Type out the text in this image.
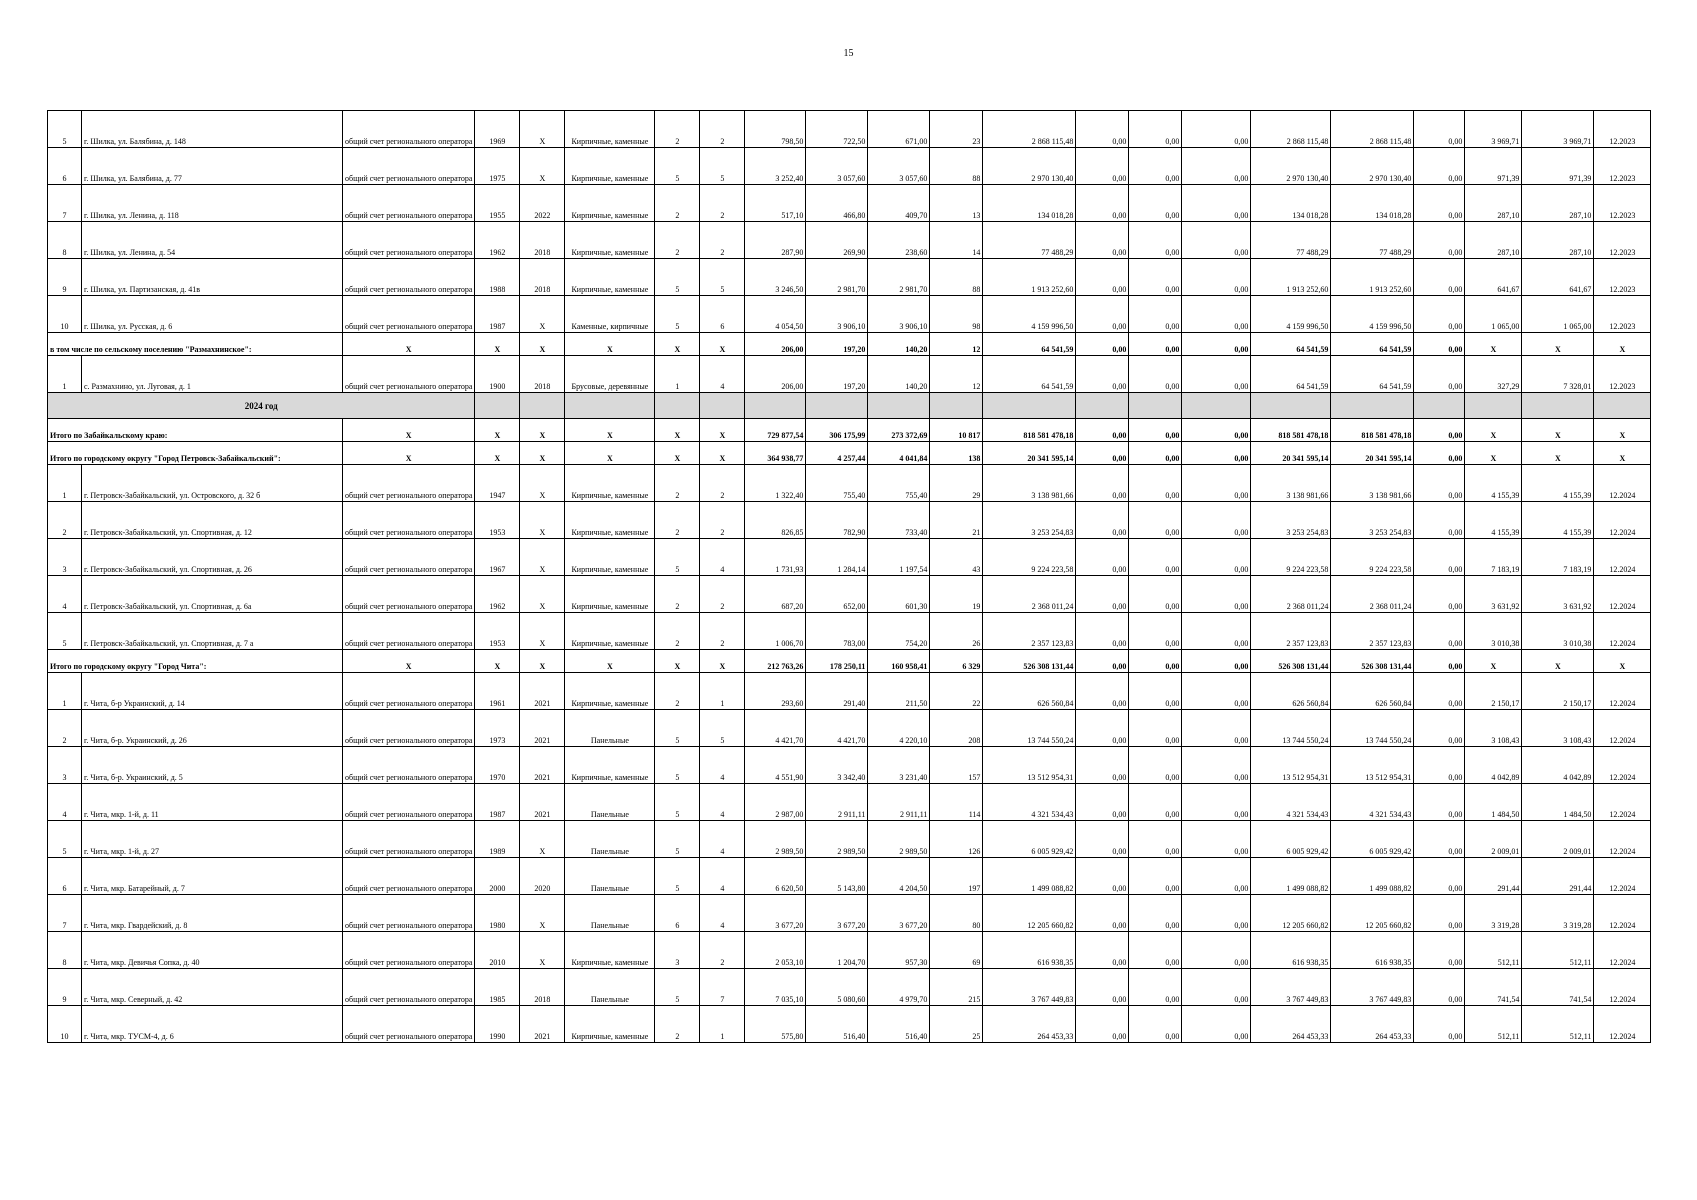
15
5	г. Шилка, ул. Балябина, д. 148	общий счет регионального оператора	1969	X	Кирпичные, каменные	2	2	798,50	722,50	671,00	23	2 868 115,48	0,00	0,00	0,00	2 868 115,48	2 868 115,48	0,00	3 969,71	3 969,71	12.2023
6	г. Шилка, ул. Балябина, д. 77	общий счет регионального оператора	1975	X	Кирпичные, каменные	5	5	3 252,40	3 057,60	3 057,60	88	2 970 130,40	0,00	0,00	0,00	2 970 130,40	2 970 130,40	0,00	971,39	971,39	12.2023
7	г. Шилка, ул. Ленина, д. 118	общий счет регионального оператора	1955	2022	Кирпичные, каменные	2	2	517,10	466,80	409,70	13	134 018,28	0,00	0,00	0,00	134 018,28	134 018,28	0,00	287,10	287,10	12.2023
8	г. Шилка, ул. Ленина, д. 54	общий счет регионального оператора	1962	2018	Кирпичные, каменные	2	2	287,90	269,90	238,60	14	77 488,29	0,00	0,00	0,00	77 488,29	77 488,29	0,00	287,10	287,10	12.2023
9	г. Шилка, ул. Партизанская, д. 41в	общий счет регионального оператора	1988	2018	Кирпичные, каменные	5	5	3 246,50	2 981,70	2 981,70	88	1 913 252,60	0,00	0,00	0,00	1 913 252,60	1 913 252,60	0,00	641,67	641,67	12.2023
10	г. Шилка, ул. Русская, д. 6	общий счет регионального оператора	1987	X	Каменные, кирпичные	5	6	4 054,50	3 906,10	3 906,10	98	4 159 996,50	0,00	0,00	0,00	4 159 996,50	4 159 996,50	0,00	1 065,00	1 065,00	12.2023
в том числе по сельскому поселению "Размахнинское":		X	X	X	X	X	X	206,00	197,20	140,20	12	64 541,59	0,00	0,00	0,00	64 541,59	64 541,59	0,00	X	X	X
1	с. Размахнино, ул. Луговая, д. 1	общий счет регионального оператора	1900	2018	Брусовые, деревянные	1	4	206,00	197,20	140,20	12	64 541,59	0,00	0,00	0,00	64 541,59	64 541,59	0,00	327,29	7 328,01	12.2023
2024 год																					
Итого по Забайкальскому краю:		X	X	X	X	X	X	729 877,54	306 175,99	273 372,69	10 817	818 581 478,18	0,00	0,00	0,00	818 581 478,18	818 581 478,18	0,00	X	X	X
Итого по городскому округу "Город Петровск-Забайкальский":		X	X	X	X	X	X	364 938,77	4 257,44	4 041,84	138	20 341 595,14	0,00	0,00	0,00	20 341 595,14	20 341 595,14	0,00	X	X	X
1	г. Петровск-Забайкальский, ул. Островского, д. 32 б	общий счет регионального оператора	1947	X	Кирпичные, каменные	2	2	1 322,40	755,40	755,40	29	3 138 981,66	0,00	0,00	0,00	3 138 981,66	3 138 981,66	0,00	4 155,39	4 155,39	12.2024
2	г. Петровск-Забайкальский, ул. Спортивная, д. 12	общий счет регионального оператора	1953	X	Кирпичные, каменные	2	2	826,85	782,90	733,40	21	3 253 254,83	0,00	0,00	0,00	3 253 254,83	3 253 254,83	0,00	4 155,39	4 155,39	12.2024
3	г. Петровск-Забайкальский, ул. Спортивная, д. 26	общий счет регионального оператора	1967	X	Кирпичные, каменные	5	4	1 731,93	1 284,14	1 197,54	43	9 224 223,58	0,00	0,00	0,00	9 224 223,58	9 224 223,58	0,00	7 183,19	7 183,19	12.2024
4	г. Петровск-Забайкальский, ул. Спортивная, д. 6а	общий счет регионального оператора	1962	X	Кирпичные, каменные	2	2	687,20	652,00	601,30	19	2 368 011,24	0,00	0,00	0,00	2 368 011,24	2 368 011,24	0,00	3 631,92	3 631,92	12.2024
5	г. Петровск-Забайкальский, ул. Спортивная, д. 7 а	общий счет регионального оператора	1953	X	Кирпичные, каменные	2	2	1 006,70	783,00	754,20	26	2 357 123,83	0,00	0,00	0,00	2 357 123,83	2 357 123,83	0,00	3 010,38	3 010,38	12.2024
Итого по городскому округу "Город Чита":		X	X	X	X	X	X	212 763,26	178 250,11	160 958,41	6 329	526 308 131,44	0,00	0,00	0,00	526 308 131,44	526 308 131,44	0,00	X	X	X
1	г. Чита, б-р Украинский, д. 14	общий счет регионального оператора	1961	2021	Кирпичные, каменные	2	1	293,60	291,40	211,50	22	626 560,84	0,00	0,00	0,00	626 560,84	626 560,84	0,00	2 150,17	2 150,17	12.2024
2	г. Чита, б-р. Украинский, д. 26	общий счет регионального оператора	1973	2021	Панельные	5	5	4 421,70	4 421,70	4 220,10	208	13 744 550,24	0,00	0,00	0,00	13 744 550,24	13 744 550,24	0,00	3 108,43	3 108,43	12.2024
3	г. Чита, б-р. Украинский, д. 5	общий счет регионального оператора	1970	2021	Кирпичные, каменные	5	4	4 551,90	3 342,40	3 231,40	157	13 512 954,31	0,00	0,00	0,00	13 512 954,31	13 512 954,31	0,00	4 042,89	4 042,89	12.2024
4	г. Чита, мкр. 1-й, д. 11	общий счет регионального оператора	1987	2021	Панельные	5	4	2 987,00	2 911,11	2 911,11	114	4 321 534,43	0,00	0,00	0,00	4 321 534,43	4 321 534,43	0,00	1 484,50	1 484,50	12.2024
5	г. Чита, мкр. 1-й, д. 27	общий счет регионального оператора	1989	X	Панельные	5	4	2 989,50	2 989,50	2 989,50	126	6 005 929,42	0,00	0,00	0,00	6 005 929,42	6 005 929,42	0,00	2 009,01	2 009,01	12.2024
6	г. Чита, мкр. Батарейный, д. 7	общий счет регионального оператора	2000	2020	Панельные	5	4	6 620,50	5 143,80	4 204,50	197	1 499 088,82	0,00	0,00	0,00	1 499 088,82	1 499 088,82	0,00	291,44	291,44	12.2024
7	г. Чита, мкр. Гвардейский, д. 8	общий счет регионального оператора	1980	X	Панельные	6	4	3 677,20	3 677,20	3 677,20	80	12 205 660,82	0,00	0,00	0,00	12 205 660,82	12 205 660,82	0,00	3 319,28	3 319,28	12.2024
8	г. Чита, мкр. Девичья Сопка, д. 40	общий счет регионального оператора	2010	X	Кирпичные, каменные	3	2	2 053,10	1 204,70	957,30	69	616 938,35	0,00	0,00	0,00	616 938,35	616 938,35	0,00	512,11	512,11	12.2024
9	г. Чита, мкр. Северный, д. 42	общий счет регионального оператора	1985	2018	Панельные	5	7	7 035,10	5 080,60	4 979,70	215	3 767 449,83	0,00	0,00	0,00	3 767 449,83	3 767 449,83	0,00	741,54	741,54	12.2024
10	г. Чита, мкр. ТУСМ-4, д. 6	общий счет регионального оператора	1990	2021	Кирпичные, каменные	2	1	575,80	516,40	516,40	25	264 453,33	0,00	0,00	0,00	264 453,33	264 453,33	0,00	512,11	512,11	12.2024
